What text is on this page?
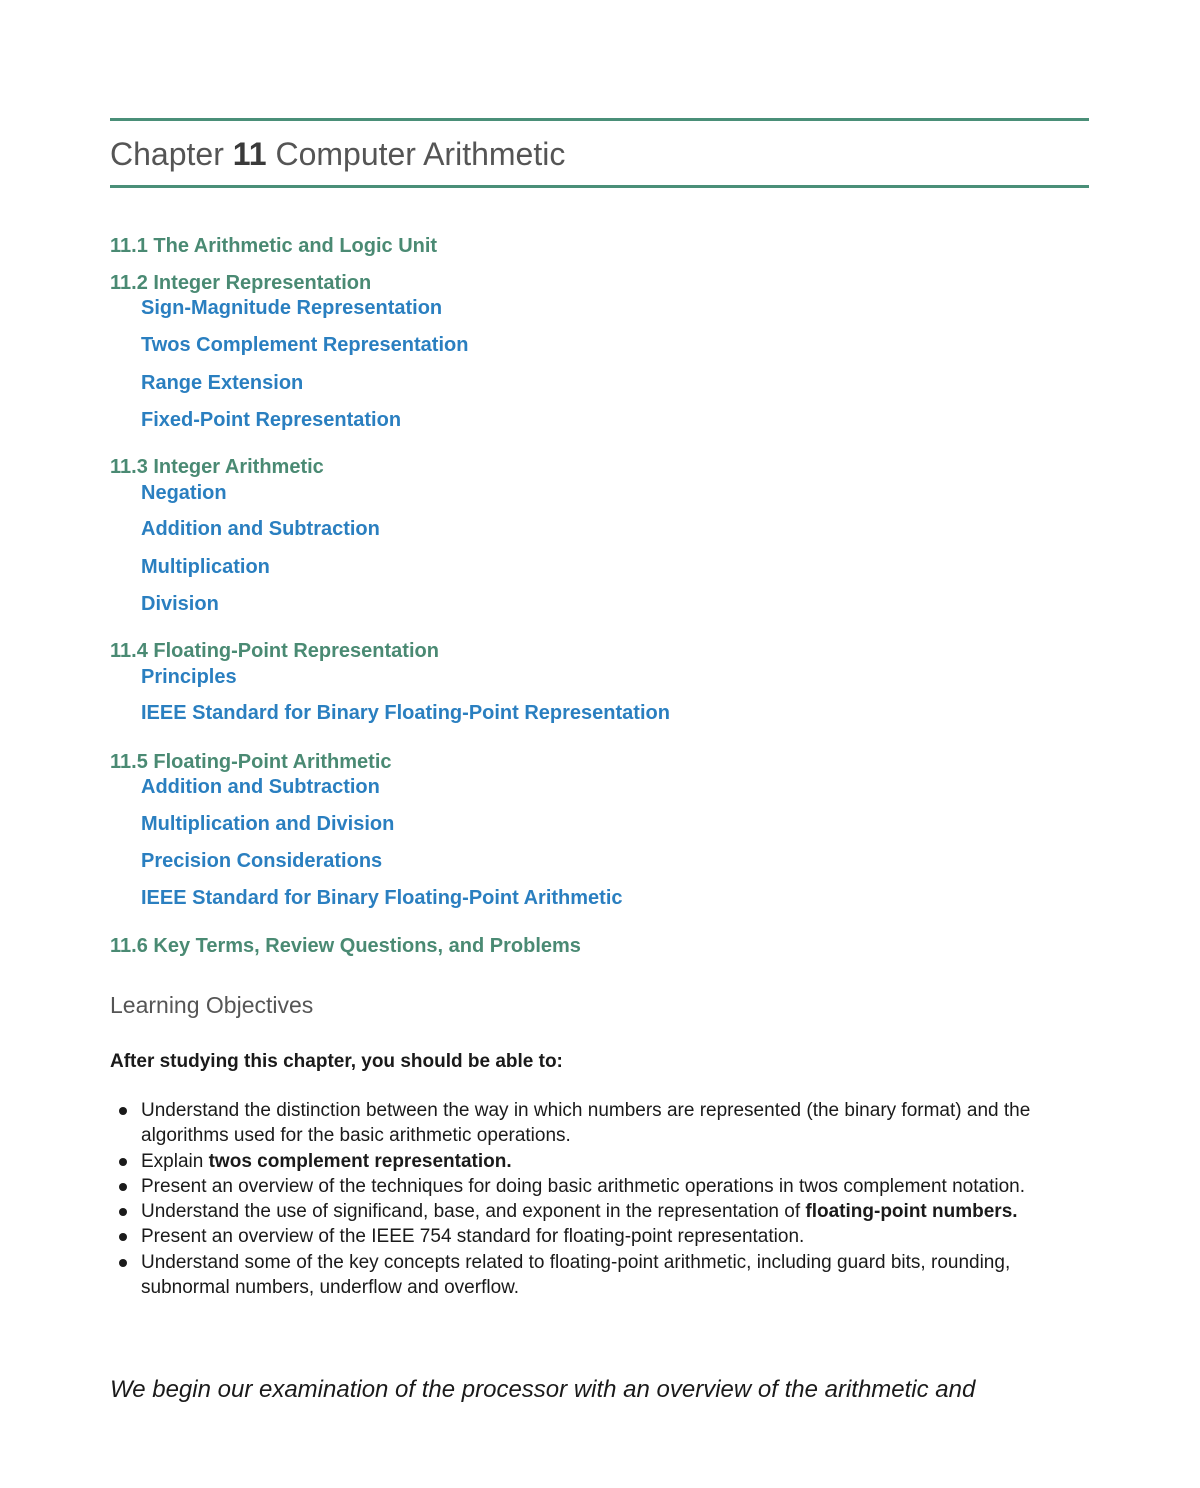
Chapter 11 Computer Arithmetic
11.1 The Arithmetic and Logic Unit
11.2 Integer Representation
Sign-Magnitude Representation
Twos Complement Representation
Range Extension
Fixed-Point Representation
11.3 Integer Arithmetic
Negation
Addition and Subtraction
Multiplication
Division
11.4 Floating-Point Representation
Principles
IEEE Standard for Binary Floating-Point Representation
11.5 Floating-Point Arithmetic
Addition and Subtraction
Multiplication and Division
Precision Considerations
IEEE Standard for Binary Floating-Point Arithmetic
11.6 Key Terms, Review Questions, and Problems
Learning Objectives
After studying this chapter, you should be able to:
Understand the distinction between the way in which numbers are represented (the binary format) and the algorithms used for the basic arithmetic operations.
Explain twos complement representation.
Present an overview of the techniques for doing basic arithmetic operations in twos complement notation.
Understand the use of significand, base, and exponent in the representation of floating-point numbers.
Present an overview of the IEEE 754 standard for floating-point representation.
Understand some of the key concepts related to floating-point arithmetic, including guard bits, rounding, subnormal numbers, underflow and overflow.
We begin our examination of the processor with an overview of the arithmetic and
